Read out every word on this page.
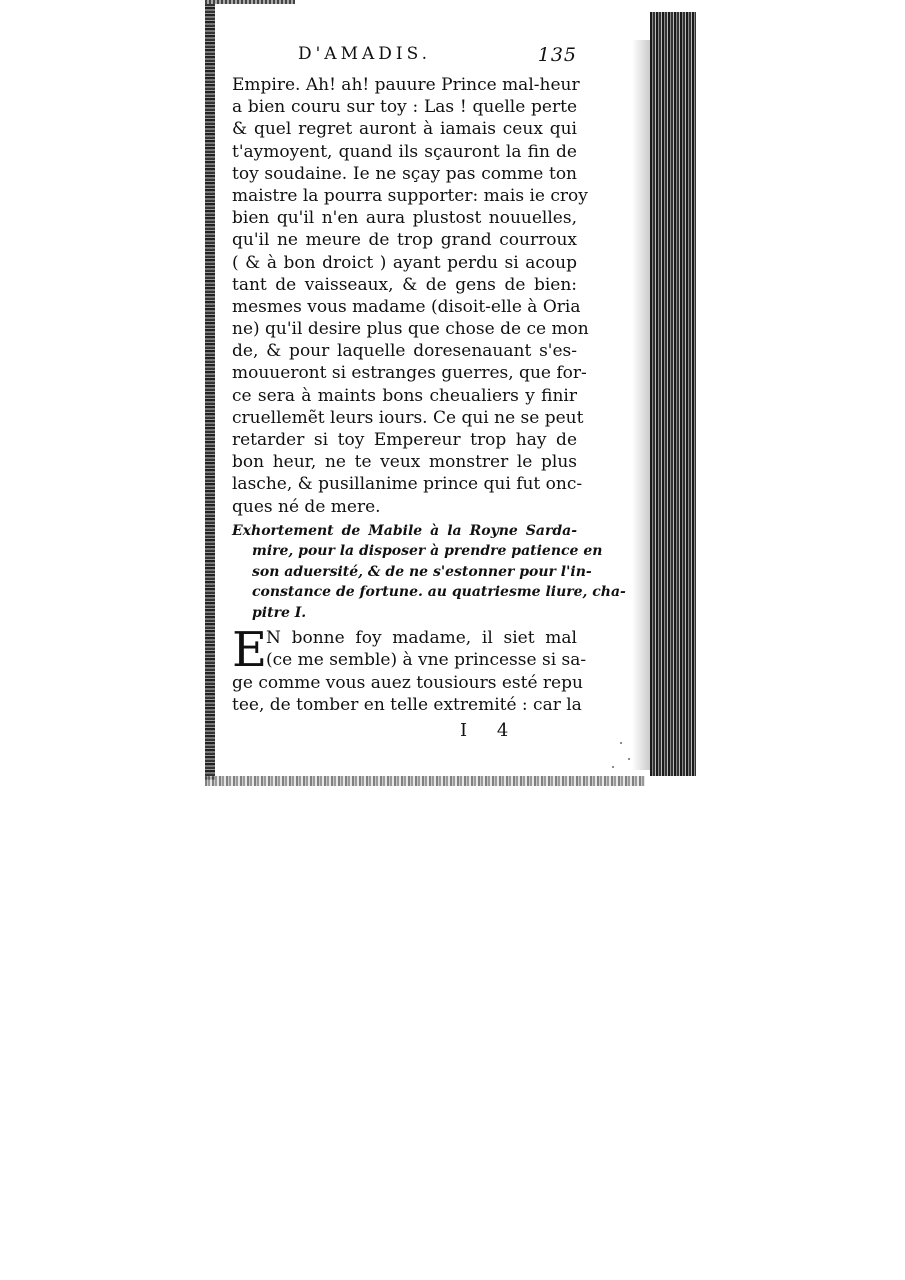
D'AMADIS.	135
Empire. Ah! ah! pauure Prince mal-heur
a bien couru sur toy : Las ! quelle perte
& quel regret auront à iamais ceux qui
t'aymoyent, quand ils sçauront la fin de
toy soudaine. Ie ne sçay pas comme ton
maistre la pourra supporter: mais ie croy
bien qu'il n'en aura plustost nouuelles,
qu'il ne meure de trop grand courroux
( & à bon droict ) ayant perdu si acoup
tant de vaisseaux, & de gens de bien:
mesmes vous madame (disoit-elle à Oria
ne) qu'il desire plus que chose de ce mon
de, & pour laquelle doresenauant s'es-
mouueront si estranges guerres, que for-
ce sera à maints bons cheualiers y finir
cruellemẽt leurs iours. Ce qui ne se peut
retarder si toy Empereur trop hay de
bon heur, ne te veux monstrer le plus
lasche, & pusillanime prince qui fut onc-
ques né de mere.
Exhortement de Mabile à la Royne Sarda-
mire, pour la disposer à prendre patience en
son aduersité, & de ne s'estonner pour l'in-
constance de fortune. au quatriesme liure, cha-
pitre I.
E
N bonne foy madame, il siet mal
(ce me semble) à vne princesse si sa-
ge comme vous auez tousiours esté repu
tee, de tomber en telle extremité : car la
I 4
